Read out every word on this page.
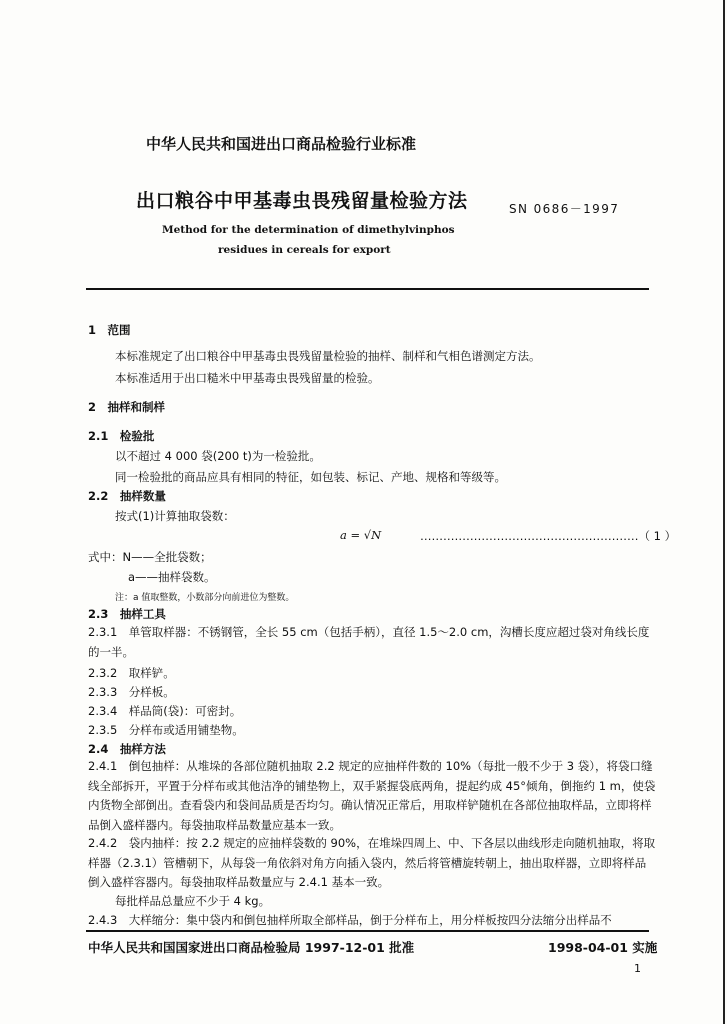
中华人民共和国进出口商品检验行业标准
出口粮谷中甲基毒虫畏残留量检验方法	SN 0686－1997
Method for the determination of dimethylvinphos
residues in cereals for export
1　范围
本标准规定了出口粮谷中甲基毒虫畏残留量检验的抽样、制样和气相色谱测定方法。
本标准适用于出口糙米中甲基毒虫畏残留量的检验。
2　抽样和制样
2.1　检验批
以不超过 4 000 袋(200 t)为一检验批。
同一检验批的商品应具有相同的特征，如包装、标记、产地、规格和等级等。
2.2　抽样数量
按式(1)计算抽取袋数：
a = √N	…………………………………………………（ 1 ）
式中：N——全批袋数；
a——抽样袋数。
注：a 值取整数，小数部分向前进位为整数。
2.3　抽样工具
2.3.1　单管取样器：不锈钢管，全长 55 cm（包括手柄），直径 1.5～2.0 cm，沟槽长度应超过袋对角线长度的一半。
2.3.2　取样铲。
2.3.3　分样板。
2.3.4　样品筒(袋)：可密封。
2.3.5　分样布或适用铺垫物。
2.4　抽样方法
2.4.1　倒包抽样：从堆垛的各部位随机抽取 2.2 规定的应抽样件数的 10%（每批一般不少于 3 袋），将袋口缝线全部拆开，平置于分样布或其他洁净的铺垫物上，双手紧握袋底两角，提起约成 45°倾角，倒拖约 1 m，使袋内货物全部倒出。查看袋内和袋间品质是否均匀。确认情况正常后，用取样铲随机在各部位抽取样品，立即将样品倒入盛样器内。每袋抽取样品数量应基本一致。
2.4.2　袋内抽样：按 2.2 规定的应抽样袋数的 90%，在堆垛四周上、中、下各层以曲线形走向随机抽取，将取样器（2.3.1）管槽朝下，从每袋一角依斜对角方向插入袋内，然后将管槽旋转朝上，抽出取样器，立即将样品倒入盛样容器内。每袋抽取样品数量应与 2.4.1 基本一致。
每批样品总量应不少于 4 kg。
2.4.3　大样缩分：集中袋内和倒包抽样所取全部样品，倒于分样布上，用分样板按四分法缩分出样品不
中华人民共和国国家进出口商品检验局 1997-12-01 批准	1998-04-01 实施
1
